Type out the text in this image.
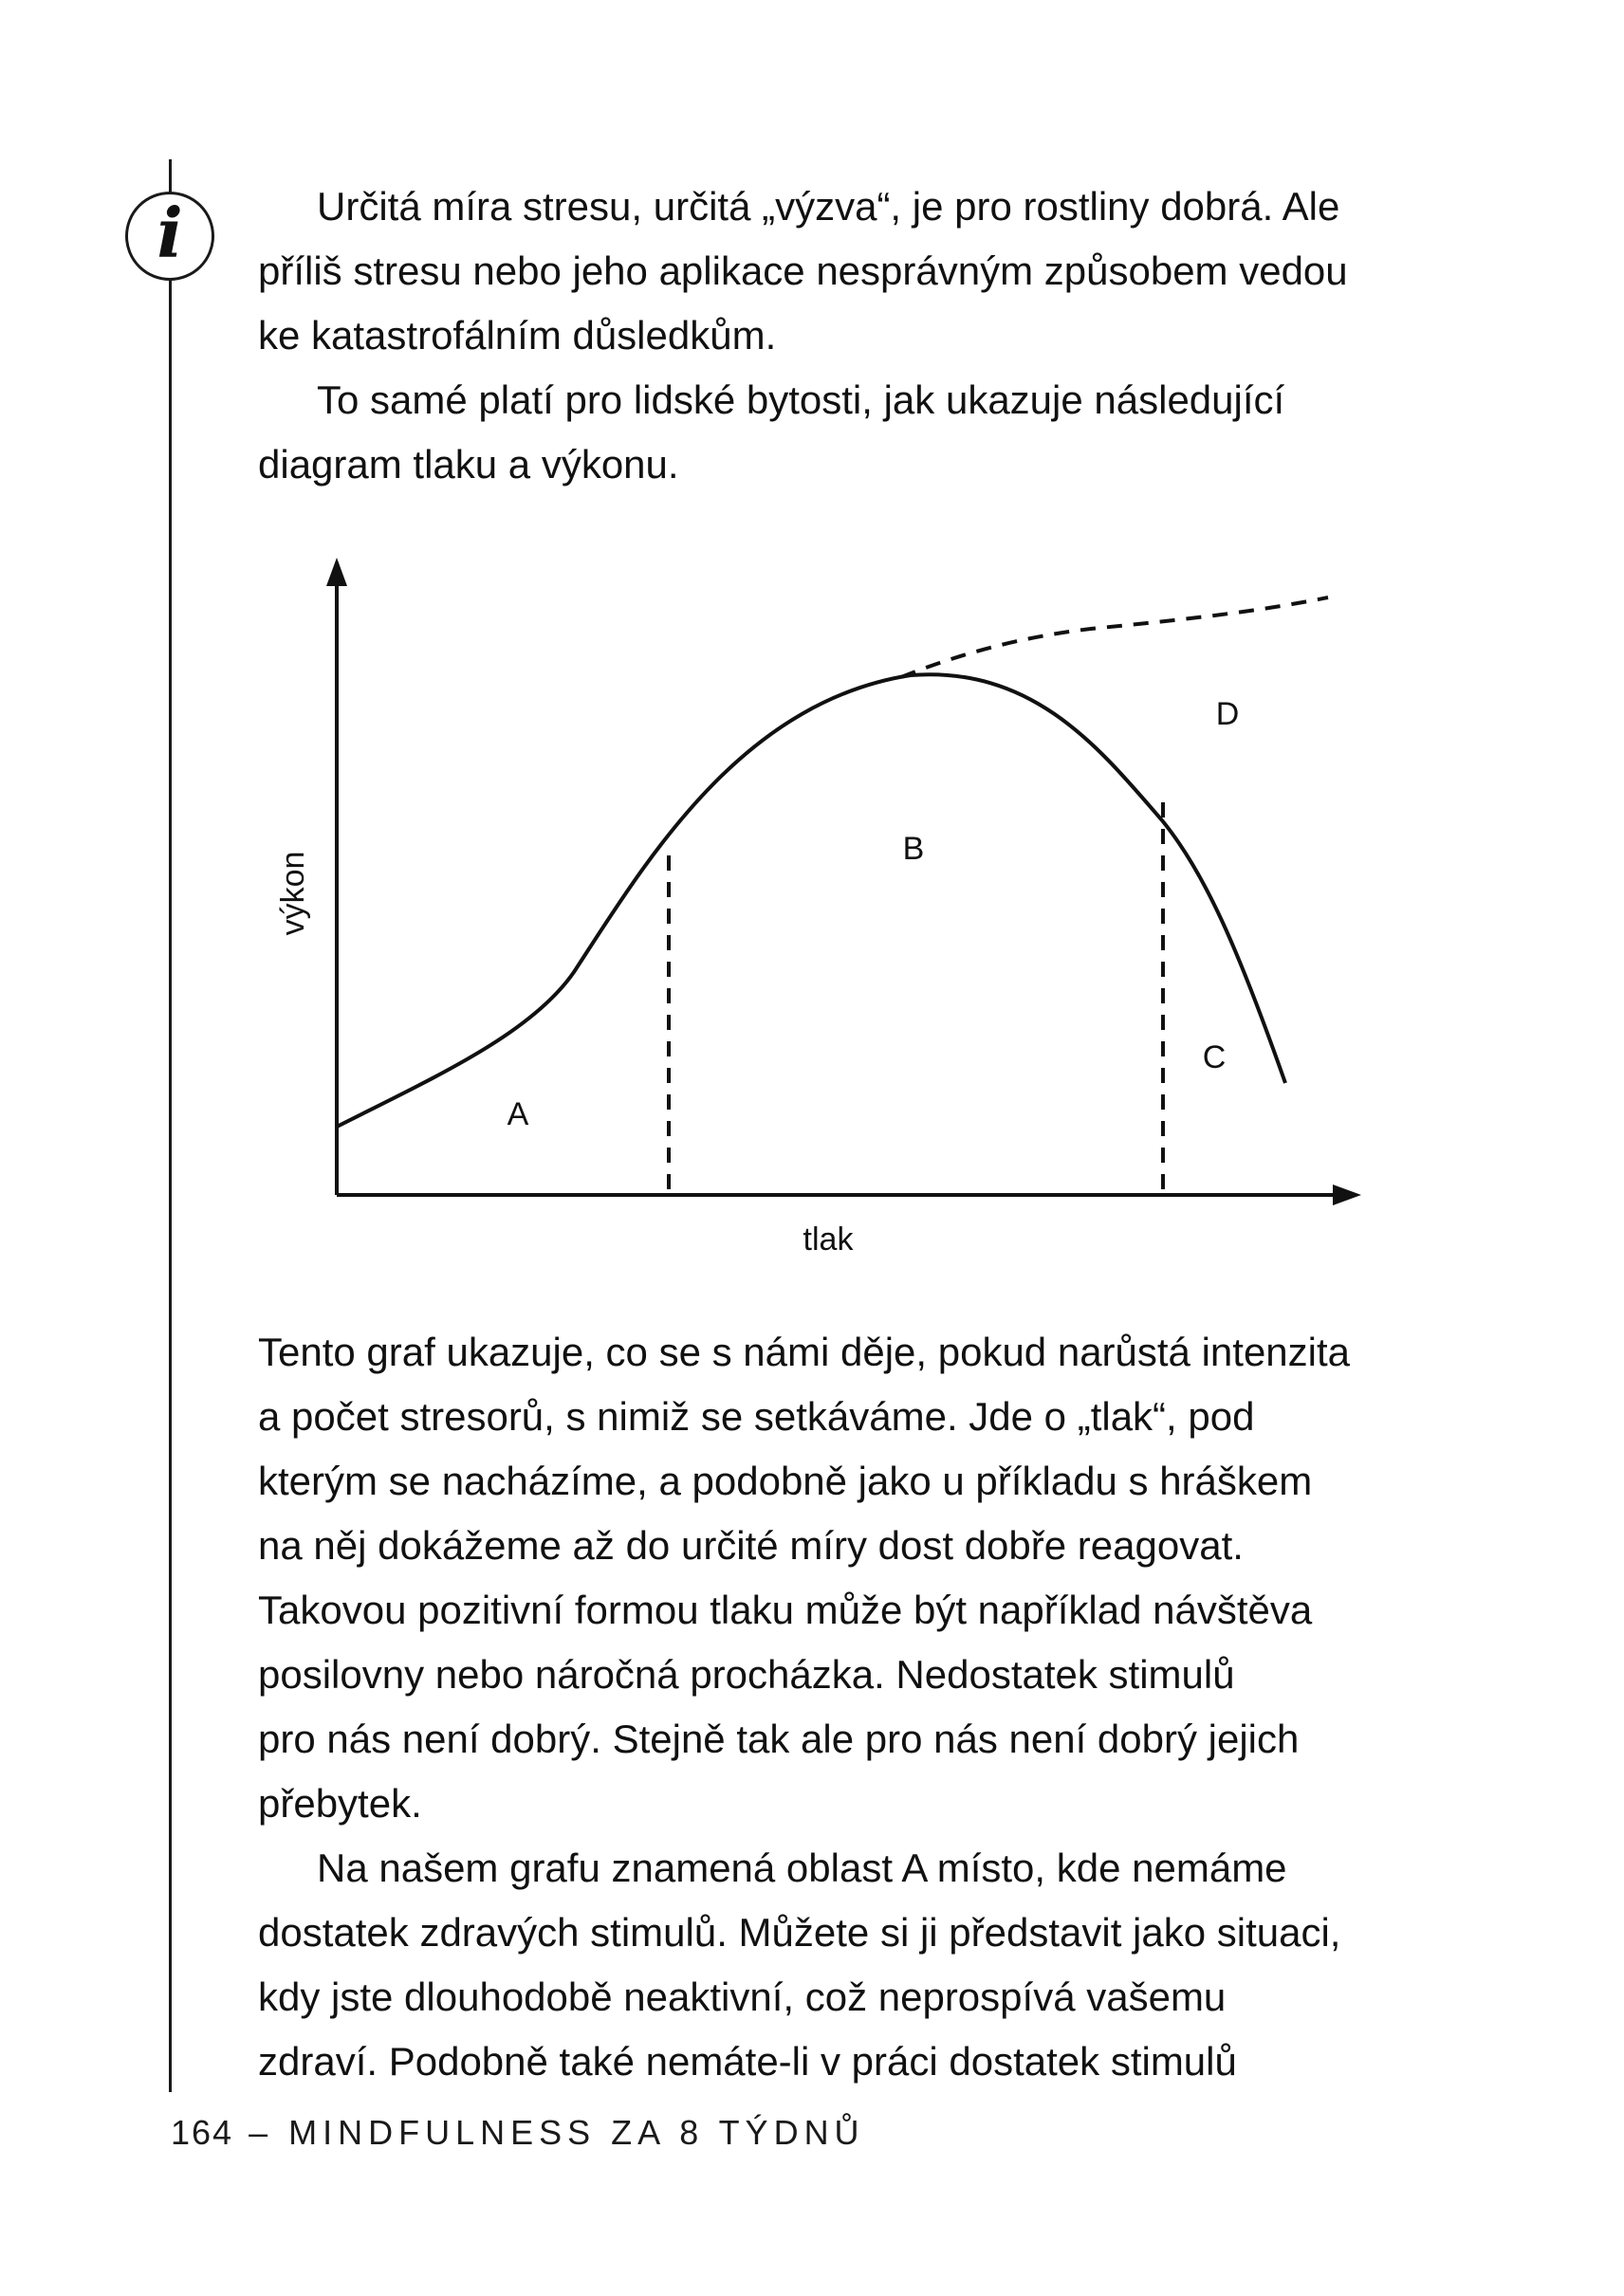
i	Určitá míra stresu, určitá „výzva“, je pro rostliny dobrá. Ale
příliš stresu nebo jeho aplikace nesprávným způsobem vedou
ke katastrofálním důsledkům.
To samé platí pro lidské bytosti, jak ukazuje následující
diagram tlaku a výkonu.
A
B
C
D
výkon
tlak
Tento graf ukazuje, co se s námi děje, pokud narůstá intenzita
a počet stresorů, s nimiž se setkáváme. Jde o „tlak“, pod
kterým se nacházíme, a podobně jako u příkladu s hráškem
na něj dokážeme až do určité míry dost dobře reagovat.
Takovou pozitivní formou tlaku může být například návštěva
posilovny nebo náročná procházka. Nedostatek stimulů
pro nás není dobrý. Stejně tak ale pro nás není dobrý jejich
přebytek.
Na našem grafu znamená oblast A místo, kde nemáme
dostatek zdravých stimulů. Můžete si ji představit jako situaci,
kdy jste dlouhodobě neaktivní, což neprospívá vašemu
zdraví. Podobně také nemáte-li v práci dostatek stimulů
164 – MINDFULNESS ZA 8 TÝDNŮ
